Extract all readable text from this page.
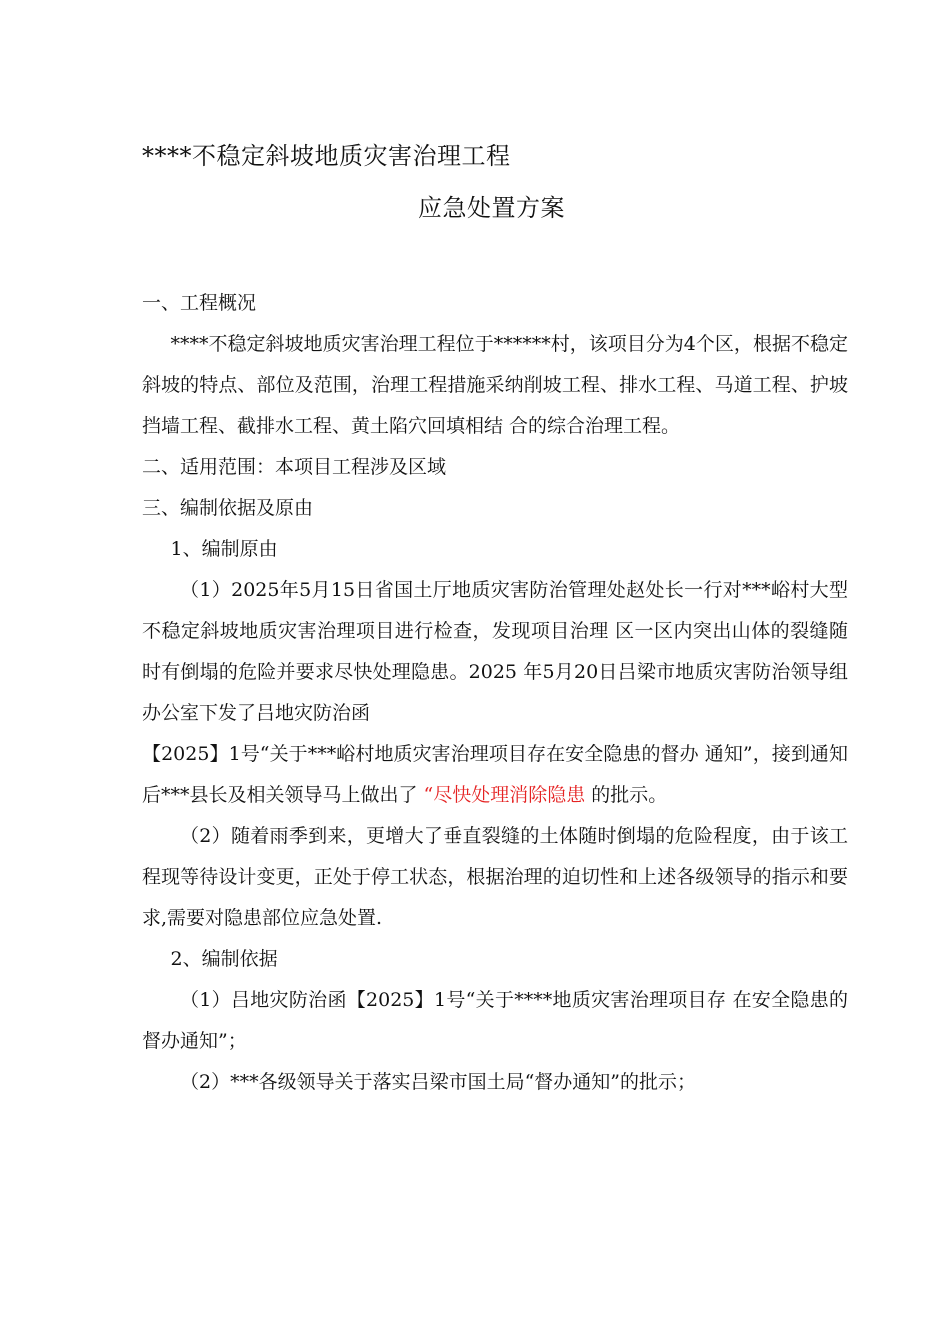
****不稳定斜坡地质灾害治理工程
应急处置方案

一、工程概况

****不稳定斜坡地质灾害治理工程位于******村，该项目分为4个区，根据不稳定斜坡的特点、部位及范围，治理工程措施采纳削坡工程、排水工程、马道工程、护坡挡墙工程、截排水工程、黄土陷穴回填相结 合的综合治理工程。

二、适用范围：本项目工程涉及区域

三、编制依据及原由

1、编制原由

（1）2025年5月15日省国土厅地质灾害防治管理处赵处长一行对***峪村大型不稳定斜坡地质灾害治理项目进行检查，发现项目治理 区一区内突出山体的裂缝随时有倒塌的危险并要求尽快处理隐患。2025 年5月20日吕梁市地质灾害防治领导组办公室下发了吕地灾防治函

【2025】1号“关于***峪村地质灾害治理项目存在安全隐患的督办 通知”，接到通知后***县长及相关领导马上做出了 “尽快处理消除隐患 的批示。

（2）随着雨季到来，更增大了垂直裂缝的土体随时倒塌的危险程度，由于该工程现等待设计变更，正处于停工状态，根据治理的迫切性和上述各级领导的指示和要求,需要对隐患部位应急处置.

2、编制依据

（1）吕地灾防治函【2025】1号“关于****地质灾害治理项目存 在安全隐患的督办通知”；

（2）***各级领导关于落实吕梁市国土局“督办通知”的批示；
